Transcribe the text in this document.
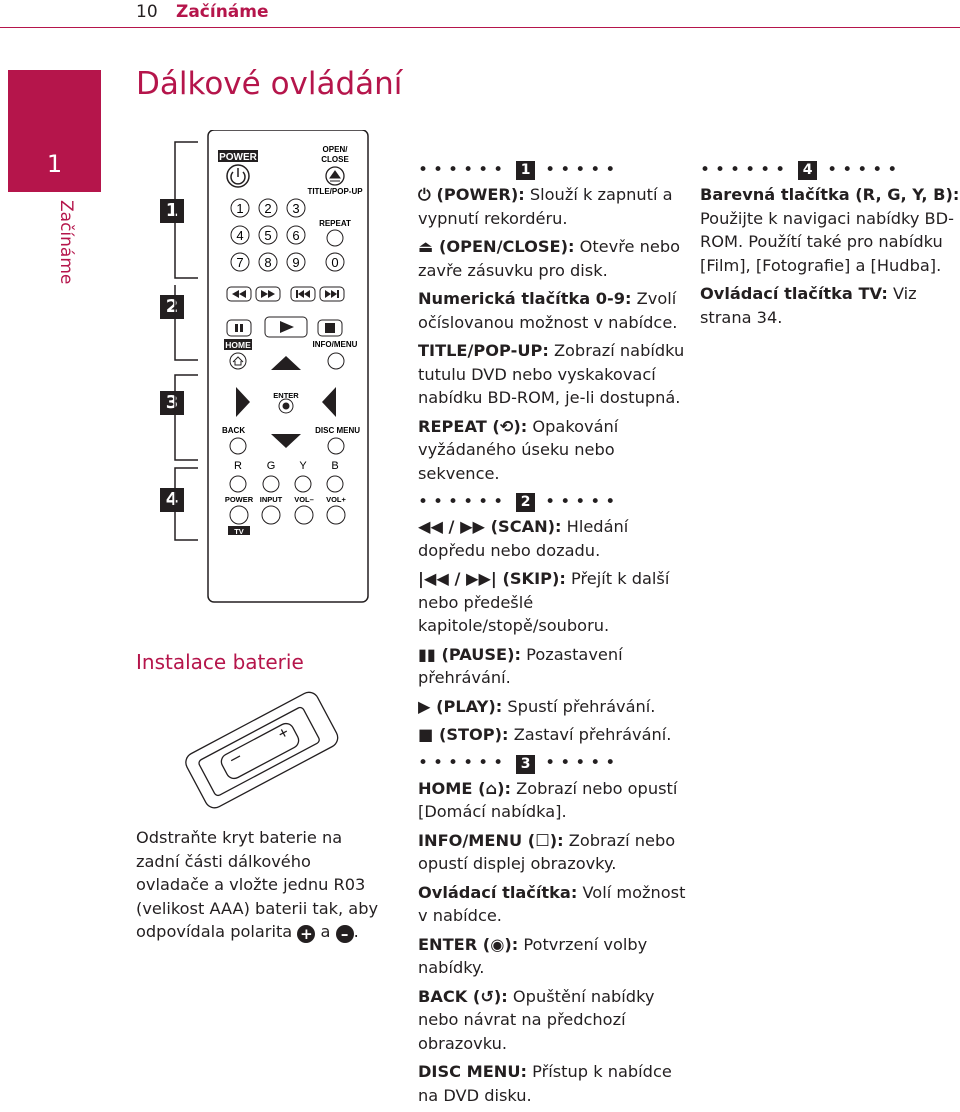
10 Začínáme
1
Začínáme
Dálkové ovládání
1
2
3
4
POWER
OPEN/
CLOSE
TITLE/POP-UP
1 2 3
4 5 6
7 8 9 0
REPEAT
HOME	INFO/MENU
ENTER
BACK	DISC MENU
R G Y B
POWER INPUT VOL– VOL+
TV
Instalace baterie
Odstraňte kryt baterie na zadní části dálkového ovladače a vložte jednu R03 (velikost AAA) baterii tak, aby odpovídala polarita + a – .
•••••• 1 •••••

⏻ (POWER): Slouží k zapnutí a vypnutí rekordéru.

⏏ (OPEN/CLOSE): Otevře nebo zavře zásuvku pro disk.

Numerická tlačítka 0-9: Zvolí očíslovanou možnost v nabídce.

TITLE/POP-UP: Zobrazí nabídku tutulu DVD nebo vyskakovací nabídku BD-ROM, je-li dostupná.

REPEAT (⟲): Opakování vyžádaného úseku nebo sekvence.

•••••• 2 •••••

◀◀ / ▶▶ (SCAN): Hledání dopředu nebo dozadu.

|◀◀ / ▶▶| (SKIP): Přejít k další nebo předešlé kapitole/stopě/souboru.

▮▮ (PAUSE): Pozastavení přehrávání.

▶ (PLAY): Spustí přehrávání.

■ (STOP): Zastaví přehrávání.

•••••• 3 •••••

HOME (⌂): Zobrazí nebo opustí [Domácí nabídka].

INFO/MENU (☐): Zobrazí nebo opustí displej obrazovky.

Ovládací tlačítka: Volí možnost v nabídce.

ENTER (◉): Potvrzení volby nabídky.

BACK (↺): Opuštění nabídky nebo návrat na předchozí obrazovku.

DISC MENU: Přístup k nabídce na DVD disku.

•••••• 4 •••••

Barevná tlačítka (R, G, Y, B): Použijte k navigaci nabídky BD-ROM. Použítí také pro nabídku [Film], [Fotografie] a [Hudba].

Ovládací tlačítka TV: Viz strana 34.
